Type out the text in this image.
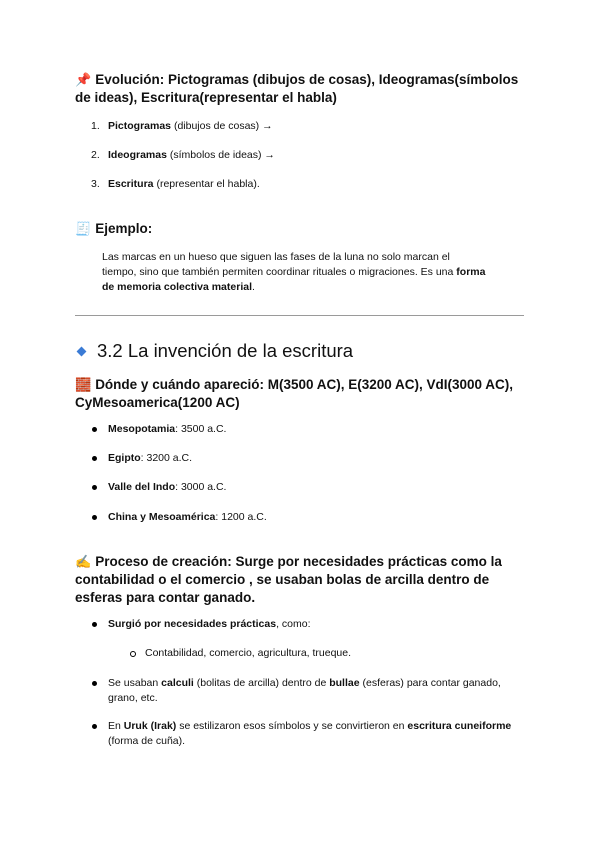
📌 Evolución: Pictogramas (dibujos de cosas), Ideogramas(símbolos de ideas), Escritura(representar el habla)
1. Pictogramas (dibujos de cosas) →
2. Ideogramas (símbolos de ideas) →
3. Escritura (representar el habla).
🧾 Ejemplo:
Las marcas en un hueso que siguen las fases de la luna no solo marcan el tiempo, sino que también permiten coordinar rituales o migraciones. Es una forma de memoria colectiva material.
3.2 La invención de la escritura
🧱 Dónde y cuándo apareció: M(3500 AC), E(3200 AC), VdI(3000 AC), CyMesoamerica(1200 AC)
Mesopotamia: 3500 a.C.
Egipto: 3200 a.C.
Valle del Indo: 3000 a.C.
China y Mesoamérica: 1200 a.C.
✍️ Proceso de creación: Surge por necesidades prácticas como la contabilidad o el comercio , se usaban bolas de arcilla dentro de esferas para contar ganado.
Surgió por necesidades prácticas, como:
Contabilidad, comercio, agricultura, trueque.
Se usaban calculi (bolitas de arcilla) dentro de bullae (esferas) para contar ganado, grano, etc.
En Uruk (Irak) se estilizaron esos símbolos y se convirtieron en escritura cuneiforme (forma de cuña).
